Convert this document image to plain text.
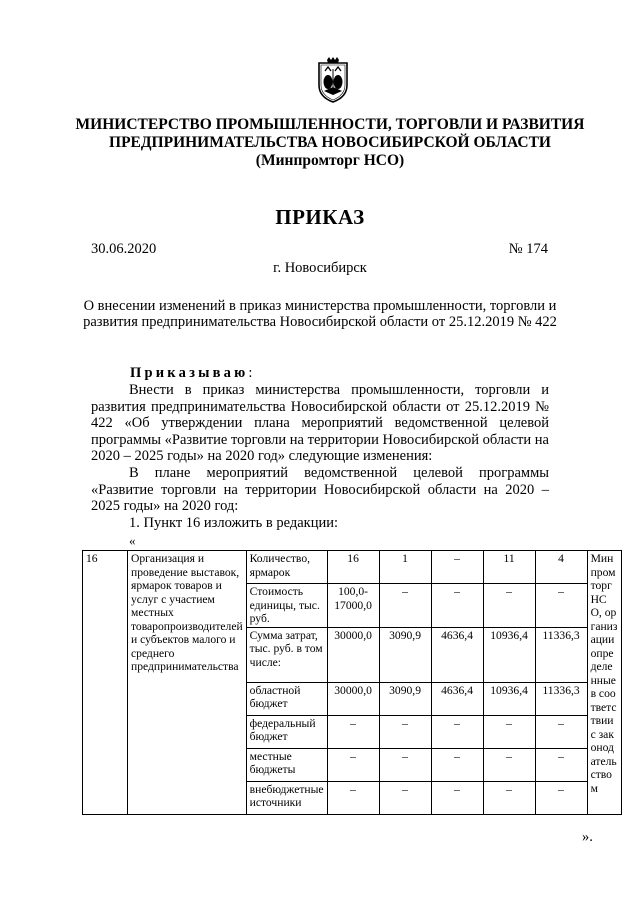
МИНИСТЕРСТВО ПРОМЫШЛЕННОСТИ, ТОРГОВЛИ И РАЗВИТИЯ

ПРЕДПРИНИМАТЕЛЬСТВА НОВОСИБИРСКОЙ ОБЛАСТИ

(Минпромторг НСО)

ПРИКАЗ

30.06.2020	№ 174

г. Новосибирск

О внесении изменений в приказ министерства промышленности, торговли и
развития предпринимательства Новосибирской области от 25.12.2019 № 422

Приказываю:

Внести в приказ министерства промышленности, торговли и развития предпринимательства Новосибирской области от 25.12.2019 № 422 «Об утверждении плана мероприятий ведомственной целевой программы «Развитие торговли на территории Новосибирской области на 2020 – 2025 годы» на 2020 год» следующие изменения:

В плане мероприятий ведомственной целевой программы «Развитие торговли на территории Новосибирской области на 2020 – 2025 годы» на 2020 год:

1. Пункт 16 изложить в редакции:

«

16	Организация и проведение выставок, ярмарок товаров и услуг с участием местных товаропроизводителей и субъектов малого и среднего предпринимательства	Количество, ярмарок	16	1	–	11	4	Минпромторг НСО, организации определенные в соответствии с законодательством
		Стоимость единицы, тыс. руб.	100,0-17000,0	–	–	–	–	
		Сумма затрат, тыс. руб. в том числе:	30000,0	3090,9	4636,4	10936,4	11336,3	
		областной бюджет	30000,0	3090,9	4636,4	10936,4	11336,3	
		федеральный бюджет	–	–	–	–	–	
		местные бюджеты	–	–	–	–	–	
		внебюджетные источники	–	–	–	–	–	

».
